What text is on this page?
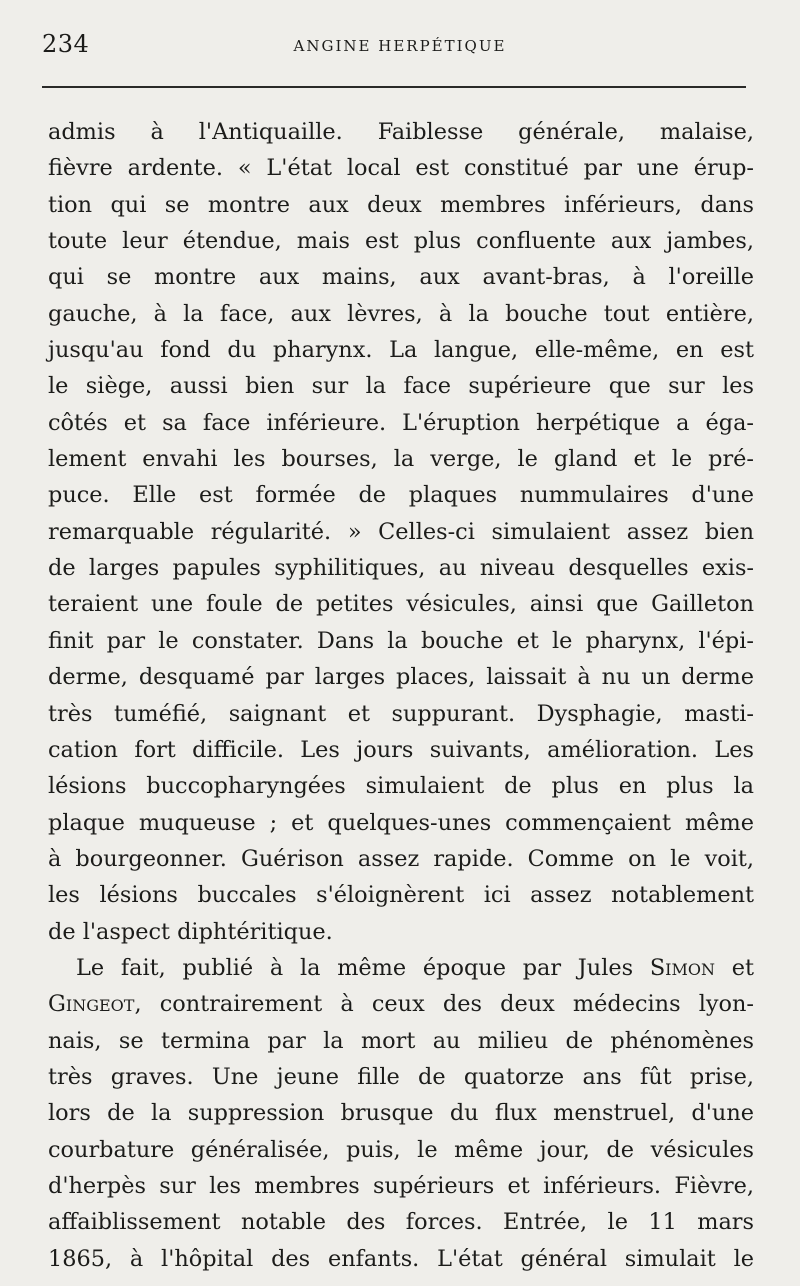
234	ANGINE HERPÉTIQUE
admis à l'Antiquaille. Faiblesse générale, malaise,
fièvre ardente. « L'état local est constitué par une érup-
tion qui se montre aux deux membres inférieurs, dans
toute leur étendue, mais est plus confluente aux jambes,
qui se montre aux mains, aux avant-bras, à l'oreille
gauche, à la face, aux lèvres, à la bouche tout entière,
jusqu'au fond du pharynx. La langue, elle-même, en est
le siège, aussi bien sur la face supérieure que sur les
côtés et sa face inférieure. L'éruption herpétique a éga-
lement envahi les bourses, la verge, le gland et le pré-
puce. Elle est formée de plaques nummulaires d'une
remarquable régularité. » Celles-ci simulaient assez bien
de larges papules syphilitiques, au niveau desquelles exis-
teraient une foule de petites vésicules, ainsi que Gailleton
finit par le constater. Dans la bouche et le pharynx, l'épi-
derme, desquamé par larges places, laissait à nu un derme
très tuméfié, saignant et suppurant. Dysphagie, masti-
cation fort difficile. Les jours suivants, amélioration. Les
lésions buccopharyngées simulaient de plus en plus la
plaque muqueuse ; et quelques-unes commençaient même
à bourgeonner. Guérison assez rapide. Comme on le voit,
les lésions buccales s'éloignèrent ici assez notablement
de l'aspect diphtéritique.
Le fait, publié à la même époque par Jules Simon et
Gingeot, contrairement à ceux des deux médecins lyon-
nais, se termina par la mort au milieu de phénomènes
très graves. Une jeune fille de quatorze ans fût prise,
lors de la suppression brusque du flux menstruel, d'une
courbature généralisée, puis, le même jour, de vésicules
d'herpès sur les membres supérieurs et inférieurs. Fièvre,
affaiblissement notable des forces. Entrée, le 11 mars
1865, à l'hôpital des enfants. L'état général simulait le
